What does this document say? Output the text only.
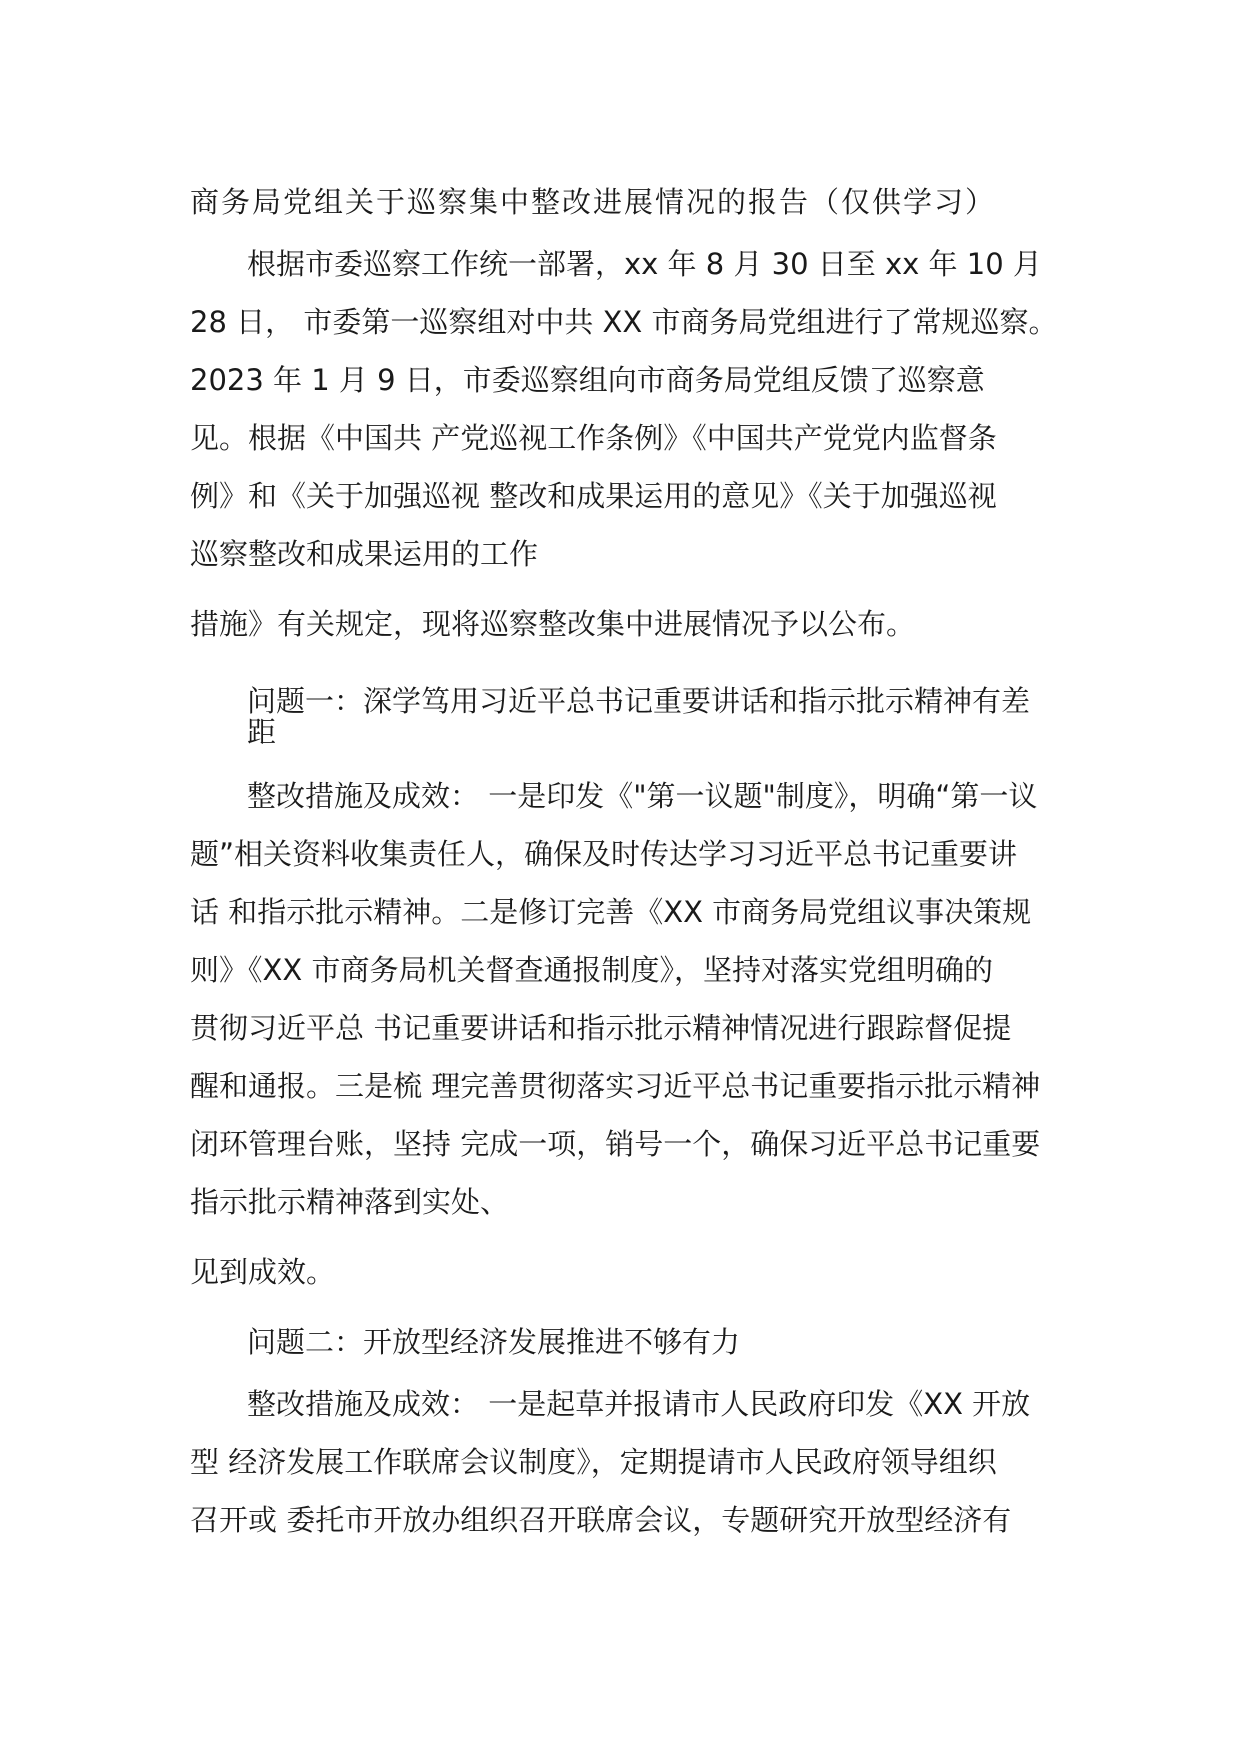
商务局党组关于巡察集中整改进展情况的报告（仅供学习）

根据市委巡察工作统一部署，xx 年 8 月 30 日至 xx 年 10 月

28 日， 市委第一巡察组对中共 XX 市商务局党组进行了常规巡察。

2023 年 1 月 9 日，市委巡察组向市商务局党组反馈了巡察意

见。根据《中国共 产党巡视工作条例》《中国共产党党内监督条

例》和《关于加强巡视 整改和成果运用的意见》《关于加强巡视

巡察整改和成果运用的工作

措施》有关规定，现将巡察整改集中进展情况予以公布。

问题一：深学笃用习近平总书记重要讲话和指示批示精神有差

距

整改措施及成效： 一是印发《"第一议题"制度》，明确“第一议

题”相关资料收集责任人，确保及时传达学习习近平总书记重要讲

话 和指示批示精神。二是修订完善《XX 市商务局党组议事决策规

则》《XX 市商务局机关督查通报制度》，坚持对落实党组明确的

贯彻习近平总 书记重要讲话和指示批示精神情况进行跟踪督促提

醒和通报。三是梳 理完善贯彻落实习近平总书记重要指示批示精神

闭环管理台账，坚持 完成一项，销号一个，确保习近平总书记重要

指示批示精神落到实处、

见到成效。

问题二：开放型经济发展推进不够有力

整改措施及成效： 一是起草并报请市人民政府印发《XX 开放

型 经济发展工作联席会议制度》，定期提请市人民政府领导组织

召开或 委托市开放办组织召开联席会议，专题研究开放型经济有
